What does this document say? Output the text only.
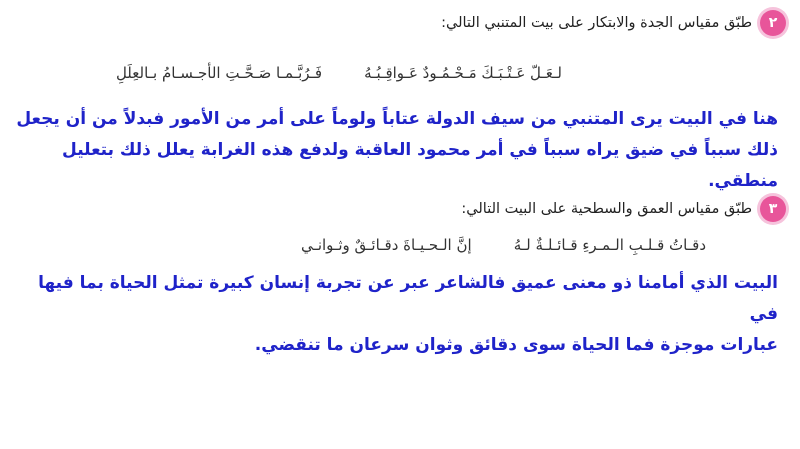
٢
طبّق مقياس الجدة والابتكار على بيت المتنبي التالي:
لـعَـلّ عَـتْـبَـكَ مَـحْـمُـودٌ عَـواقِـبُـهُ
فَـرُبَّـمـا صَـحَّـتِ الأجـسـامُ بـالعِلَلِ
هنا في البيت يرى المتنبي من سيف الدولة عتاباً ولوماً على أمر من الأمور فبدلاً من أن يجعل
ذلك سبباً في ضيق يراه سبباً في أمر محمود العاقبة ولدفع هذه الغرابة يعلل ذلك بتعليل منطقي.
٣
طبّق مقياس العمق والسطحية على البيت التالي:
دقـاتُ قـلـبِ الـمـرءِ قـائـلـةٌ لـهُ
إنَّ الـحـيـاةَ دقـائـقٌ وثـوانـي
البيت الذي أمامنا ذو معنى عميق فالشاعر عبر عن تجربة إنسان كبيرة تمثل الحياة بما فيها في
عبارات موجزة فما الحياة سوى دقائق وثوان سرعان ما تنقضي.
